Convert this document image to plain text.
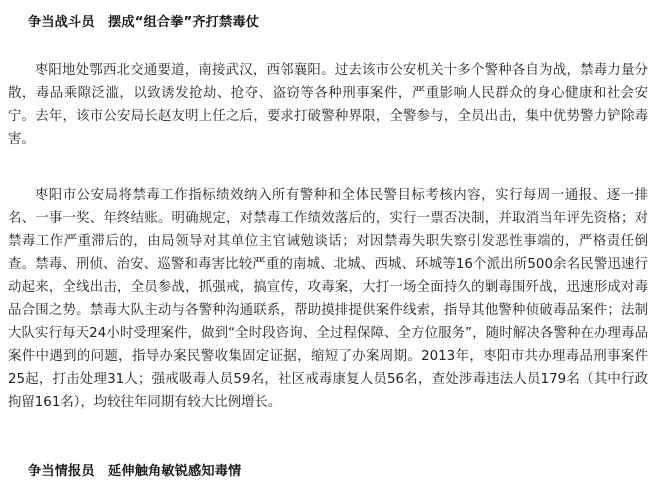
争当战斗员　摆成“组合拳”齐打禁毒仗

枣阳地处鄂西北交通要道，南接武汉，西邻襄阳。过去该市公安机关十多个警种各自为战，禁毒力量分散，毒品乘隙泛滥，以致诱发抢劫、抢夺、盗窃等各种刑事案件，严重影响人民群众的身心健康和社会安宁。去年，该市公安局长赵友明上任之后，要求打破警种界限，全警参与，全员出击，集中优势警力铲除毒害。

枣阳市公安局将禁毒工作指标绩效纳入所有警种和全体民警目标考核内容，实行每周一通报、逐一排名、一事一奖、年终结账。明确规定，对禁毒工作绩效落后的，实行一票否决制，并取消当年评先资格；对禁毒工作严重滞后的，由局领导对其单位主官诫勉谈话；对因禁毒失职失察引发恶性事端的，严格责任倒查。禁毒、刑侦、治安、巡警和毒害比较严重的南城、北城、西城、环城等16个派出所500余名民警迅速行动起来，全线出击，全员参战，抓强戒，搞宣传，攻毒案，大打一场全面持久的剿毒围歼战，迅速形成对毒品合围之势。禁毒大队主动与各警种沟通联系，帮助摸排提供案件线索，指导其他警种侦破毒品案件；法制大队实行每天24小时受理案件，做到“全时段咨询、全过程保障、全方位服务”，随时解决各警种在办理毒品案件中遇到的问题，指导办案民警收集固定证据，缩短了办案周期。2013年，枣阳市共办理毒品刑事案件25起，打击处理31人；强戒吸毒人员59名，社区戒毒康复人员56名，查处涉毒违法人员179名（其中行政拘留161名），均较往年同期有较大比例增长。

争当情报员　延伸触角敏锐感知毒情
